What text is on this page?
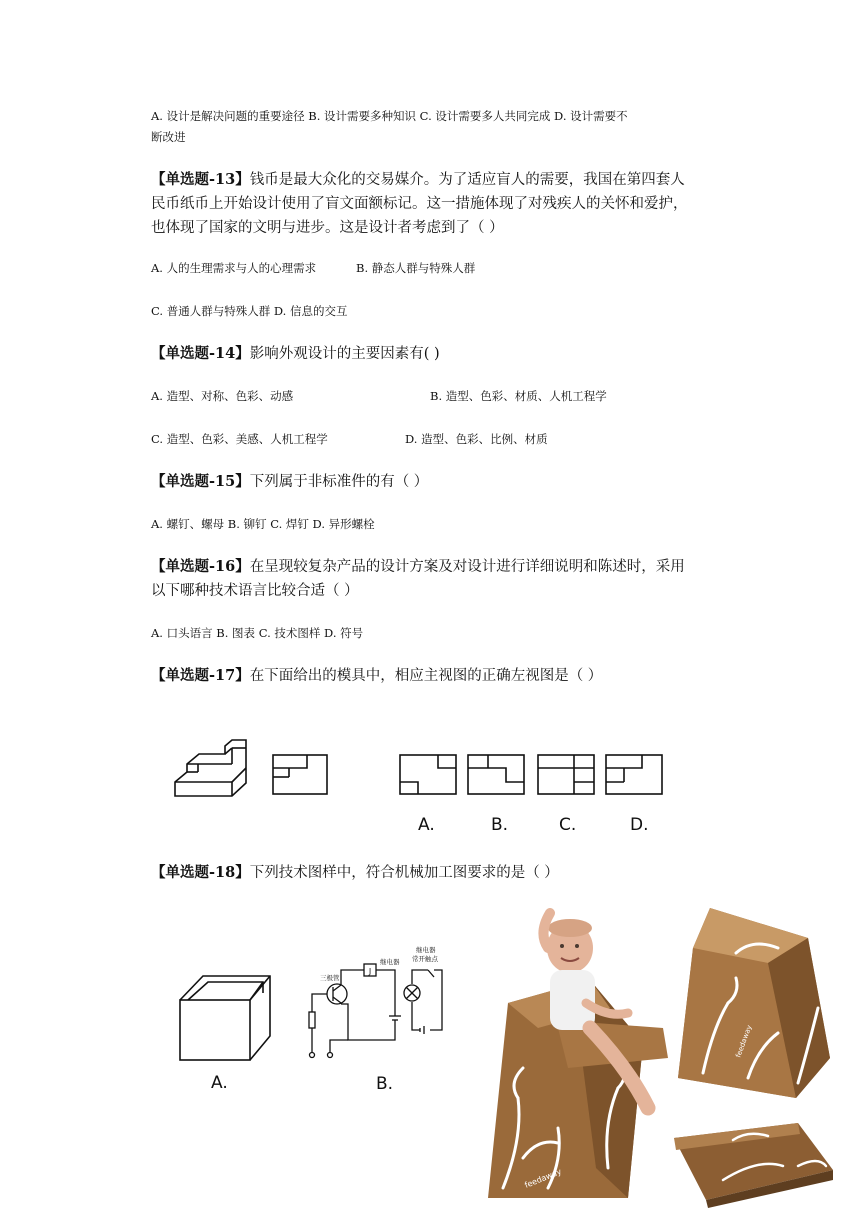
A. 设计是解决问题的重要途径 B. 设计需要多种知识 C. 设计需要多人共同完成 D. 设计需要不
断改进
【单选题-13】钱币是最大众化的交易媒介。为了适应盲人的需要，我国在第四套人
民币纸币上开始设计使用了盲文面额标记。这一措施体现了对残疾人的关怀和爱护，
也体现了国家的文明与进步。这是设计者考虑到了（ ）
A. 人的生理需求与人的心理需求	B. 静态人群与特殊人群
C. 普通人群与特殊人群 D. 信息的交互
【单选题-14】影响外观设计的主要因素有( )
A. 造型、对称、色彩、动感	B. 造型、色彩、材质、人机工程学
C. 造型、色彩、美感、人机工程学	D. 造型、色彩、比例、材质
【单选题-15】下列属于非标准件的有（ ）
A. 螺钉、螺母 B. 铆钉 C. 焊钉 D. 异形螺栓
【单选题-16】在呈现较复杂产品的设计方案及对设计进行详细说明和陈述时，采用
以下哪种技术语言比较合适（ ）
A. 口头语言 B. 图表 C. 技术图样 D. 符号
【单选题-17】在下面给出的模具中，相应主视图的正确左视图是（ ）
A.	B.	C.	D.
【单选题-18】下列技术图样中，符合机械加工图要求的是（ ）
A.
J
继电器
三极管
继电器
常开触点
B.
feedaway
feedaway
